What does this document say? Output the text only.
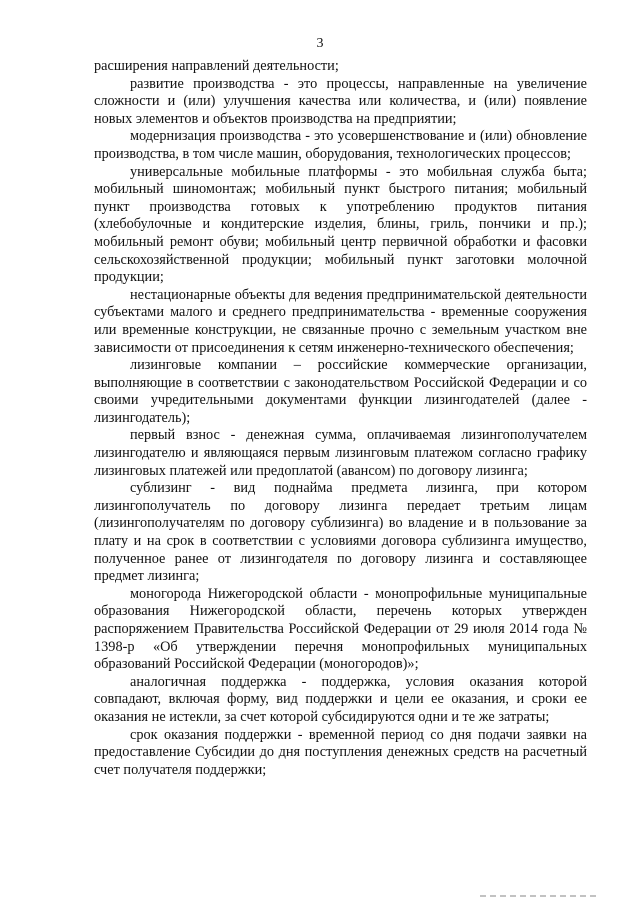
3

расширения направлений деятельности;

развитие производства - это процессы, направленные на увеличение сложности и (или) улучшения качества или количества, и (или) появление новых элементов и объектов производства на предприятии;

модернизация производства - это усовершенствование и (или) обновление производства, в том числе машин, оборудования, технологических процессов;

универсальные мобильные платформы - это мобильная служба быта; мобильный шиномонтаж; мобильный пункт быстрого питания; мобильный пункт производства готовых к употреблению продуктов питания (хлебобулочные и кондитерские изделия, блины, гриль, пончики и пр.); мобильный ремонт обуви; мобильный центр первичной обработки и фасовки сельскохозяйственной продукции; мобильный пункт заготовки молочной продукции;

нестационарные объекты для ведения предпринимательской деятельности субъектами малого и среднего предпринимательства - временные сооружения или временные конструкции, не связанные прочно с земельным участком вне зависимости от присоединения к сетям инженерно-технического обеспечения;

лизинговые компании – российские коммерческие организации, выполняющие в соответствии с законодательством Российской Федерации и со своими учредительными документами функции лизингодателей (далее - лизингодатель);

первый взнос - денежная сумма, оплачиваемая лизингополучателем лизингодателю и являющаяся первым лизинговым платежом согласно графику лизинговых платежей или предоплатой (авансом) по договору лизинга;

сублизинг - вид поднайма предмета лизинга, при котором лизингополучатель по договору лизинга передает третьим лицам (лизингополучателям по договору сублизинга) во владение и в пользование за плату и на срок в соответствии с условиями договора сублизинга имущество, полученное ранее от лизингодателя по договору лизинга и составляющее предмет лизинга;

моногорода Нижегородской области - монопрофильные муниципальные образования Нижегородской области, перечень которых утвержден распоряжением Правительства Российской Федерации от 29 июля 2014 года № 1398-р «Об утверждении перечня монопрофильных муниципальных образований Российской Федерации (моногородов)»;

аналогичная поддержка - поддержка, условия оказания которой совпадают, включая форму, вид поддержки и цели ее оказания, и сроки ее оказания не истекли, за счет которой субсидируются одни и те же затраты;

срок оказания поддержки - временной период со дня подачи заявки на предоставление Субсидии до дня поступления денежных средств на расчетный счет получателя поддержки;
